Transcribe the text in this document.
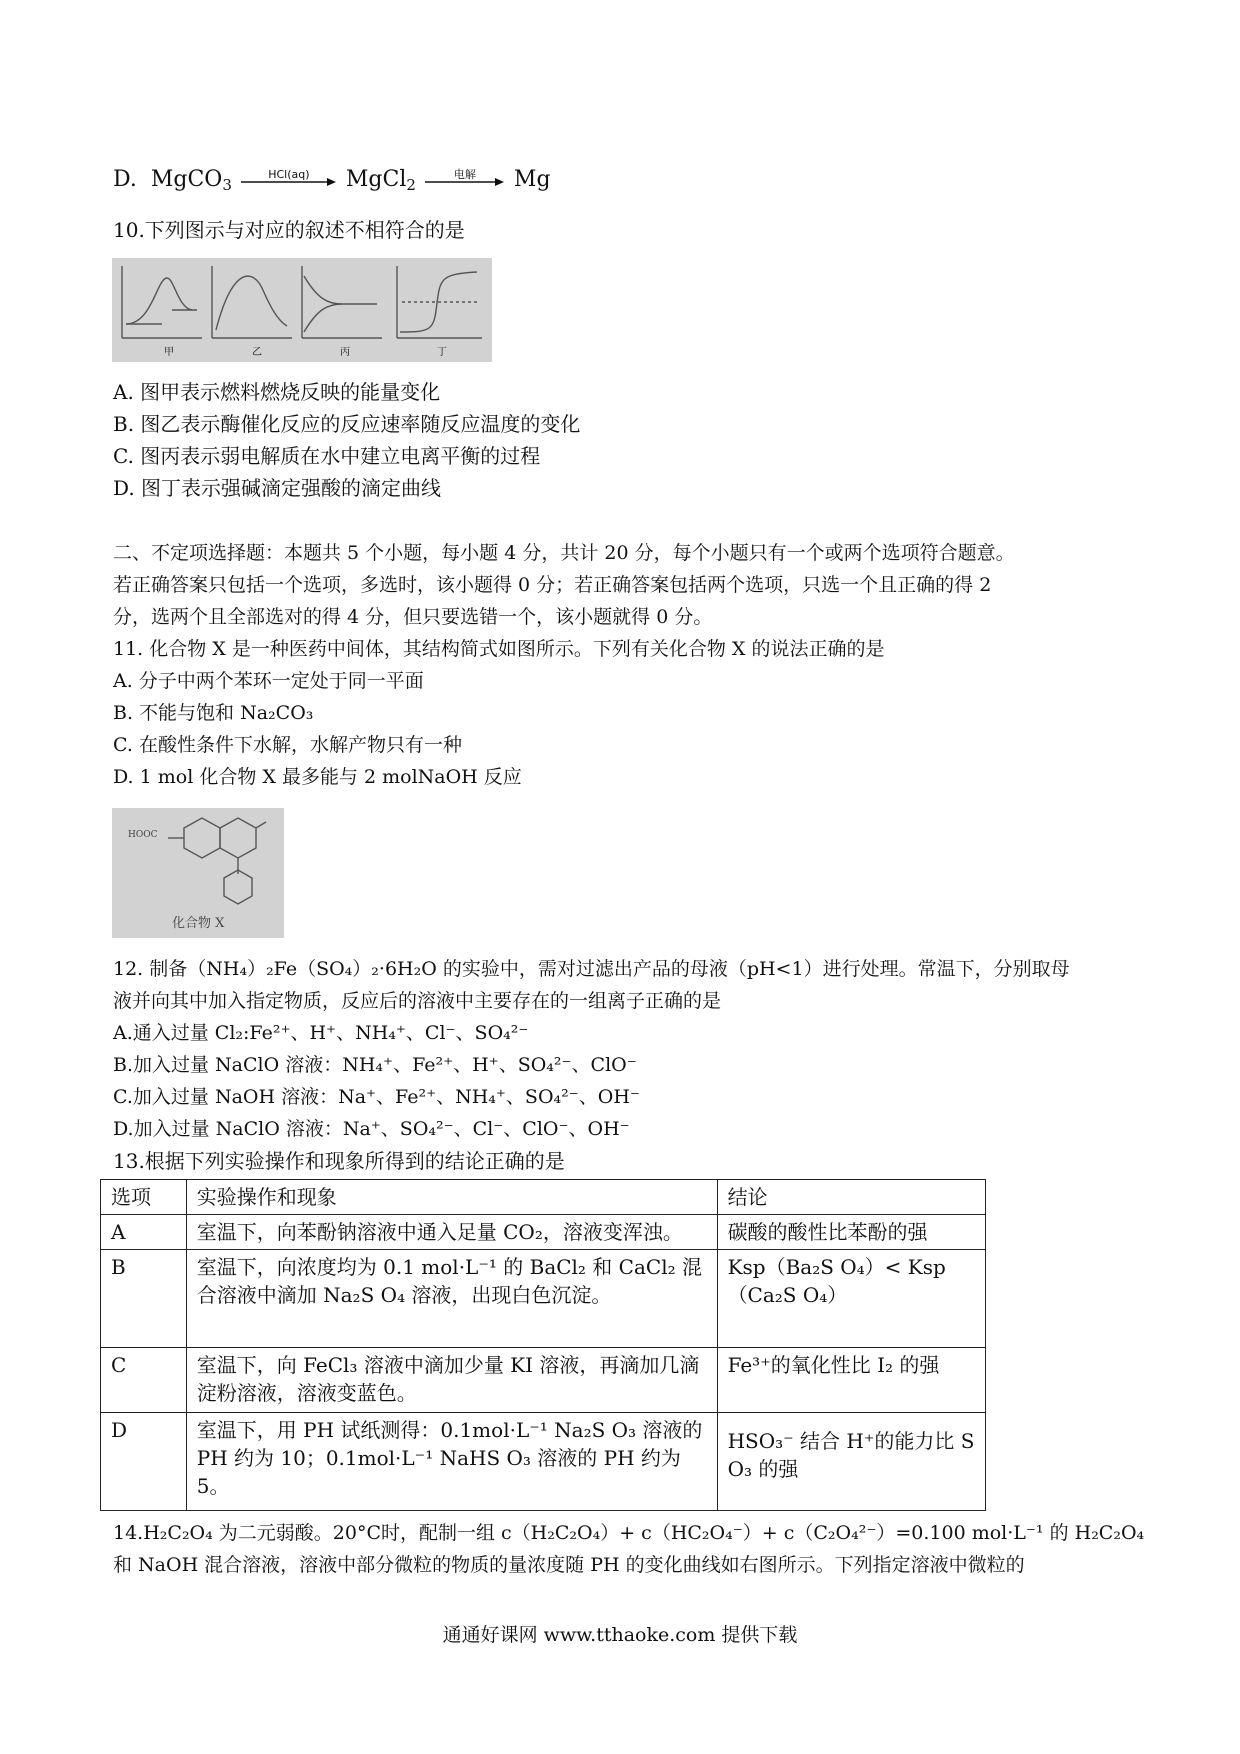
D. MgCO$_3$
HCl(aq)	MgCl$_2$
电解	Mg
10.下列图示与对应的叙述不相符合的是
甲	乙	丙	丁
A. 图甲表示燃料燃烧反映的能量变化
B. 图乙表示酶催化反应的反应速率随反应温度的变化
C. 图丙表示弱电解质在水中建立电离平衡的过程
D. 图丁表示强碱滴定强酸的滴定曲线
二、不定项选择题：本题共 5 个小题，每小题 4 分，共计 20 分，每个小题只有一个或两个选项符合题意。
若正确答案只包括一个选项，多选时，该小题得 0 分；若正确答案包括两个选项，只选一个且正确的得 2
分，选两个且全部选对的得 4 分，但只要选错一个，该小题就得 0 分。
11. 化合物 X 是一种医药中间体，其结构简式如图所示。下列有关化合物 X 的说法正确的是
A. 分子中两个苯环一定处于同一平面
B. 不能与饱和 Na₂CO₃
C. 在酸性条件下水解，水解产物只有一种
D. 1 mol 化合物 X 最多能与 2 molNaOH 反应
HOOC
化合物 X
12. 制备（NH₄）₂Fe（SO₄）₂·6H₂O 的实验中，需对过滤出产品的母液（pH<1）进行处理。常温下，分别取母
液并向其中加入指定物质，反应后的溶液中主要存在的一组离子正确的是
A.通入过量 Cl₂:Fe²⁺、H⁺、NH₄⁺、Cl⁻、SO₄²⁻
B.加入过量 NaClO 溶液：NH₄⁺、Fe²⁺、H⁺、SO₄²⁻、ClO⁻
C.加入过量 NaOH 溶液：Na⁺、Fe²⁺、NH₄⁺、SO₄²⁻、OH⁻
D.加入过量 NaClO 溶液：Na⁺、SO₄²⁻、Cl⁻、ClO⁻、OH⁻
13.根据下列实验操作和现象所得到的结论正确的是
选项	实验操作和现象	结论
A	室温下，向苯酚钠溶液中通入足量 CO₂，溶液变浑浊。	碳酸的酸性比苯酚的强
B	室温下，向浓度均为 0.1 mol·L⁻¹ 的 BaCl₂ 和 CaCl₂ 混合溶液中滴加 Na₂S O₄ 溶液，出现白色沉淀。	Ksp（Ba₂S O₄）< Ksp（Ca₂S O₄）
C	室温下，向 FeCl₃ 溶液中滴加少量 KI 溶液，再滴加几滴淀粉溶液，溶液变蓝色。	Fe³⁺的氧化性比 I₂ 的强
D	室温下，用 PH 试纸测得：0.1mol·L⁻¹ Na₂S O₃ 溶液的 PH 约为 10；0.1mol·L⁻¹ NaHS O₃ 溶液的 PH 约为 5。	HSO₃⁻ 结合 H⁺的能力比 S O₃ 的强
14.H₂C₂O₄ 为二元弱酸。20°C时，配制一组 c（H₂C₂O₄）+ c（HC₂O₄⁻）+ c（C₂O₄²⁻）=0.100 mol·L⁻¹ 的 H₂C₂O₄
和 NaOH 混合溶液，溶液中部分微粒的物质的量浓度随 PH 的变化曲线如右图所示。下列指定溶液中微粒的
通通好课网 www.tthaoke.com 提供下载
